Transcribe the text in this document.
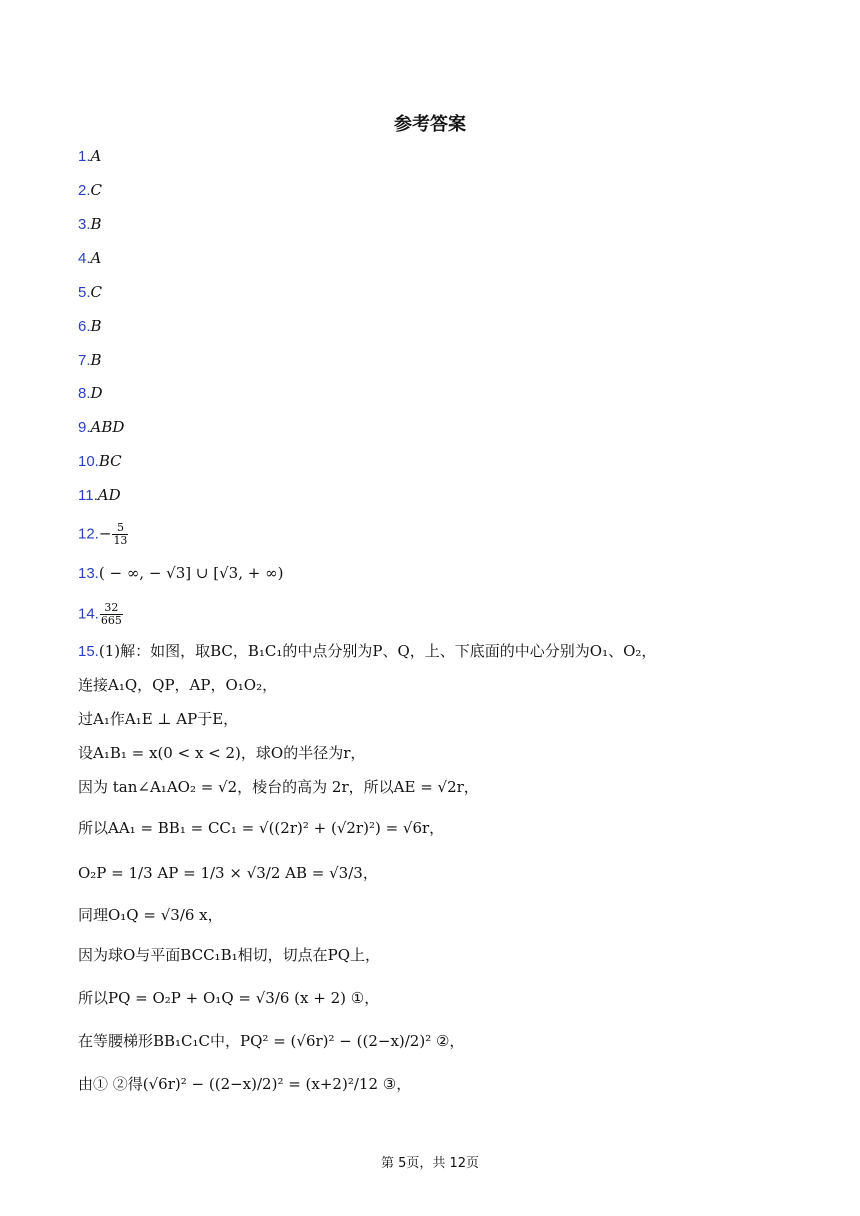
参考答案
1.A
2.C
3.B
4.A
5.C
6.B
7.B
8.D
9.ABD
10.BC
11.AD
$12.- \frac{5}{13}$
13.( − ∞, − √3] ∪ [√3, + ∞)
14. $\frac{32}{665}$
15.(1)解：如图，取BC，B₁C₁的中点分别为P、Q，上、下底面的中心分别为O₁、O₂，
连接A₁Q，QP，AP，O₁O₂，
过A₁作A₁E ⊥ AP于E，
设A₁B₁ = x(0 < x < 2)，球O的半径为r，
因为 tan∠A₁AO₂ = √2，棱台的高为 2r，所以AE = √2r，
所以AA₁ = BB₁ = CC₁ = √((2r)² + (√2r)²) = √6r，
O₂P = 1/3 AP = 1/3 × √3/2 AB = √3/3，
同理O₁Q = √3/6 x，
因为球O与平面BCC₁B₁相切，切点在PQ上，
所以PQ = O₂P + O₁Q = √3/6 (x + 2) ①，
在等腰梯形BB₁C₁C中，PQ² = (√6r)² − ((2−x)/2)² ②，
由① ②得(√6r)² − ((2−x)/2)² = (x+2)²/12 ③，
第 5页，共 12页
